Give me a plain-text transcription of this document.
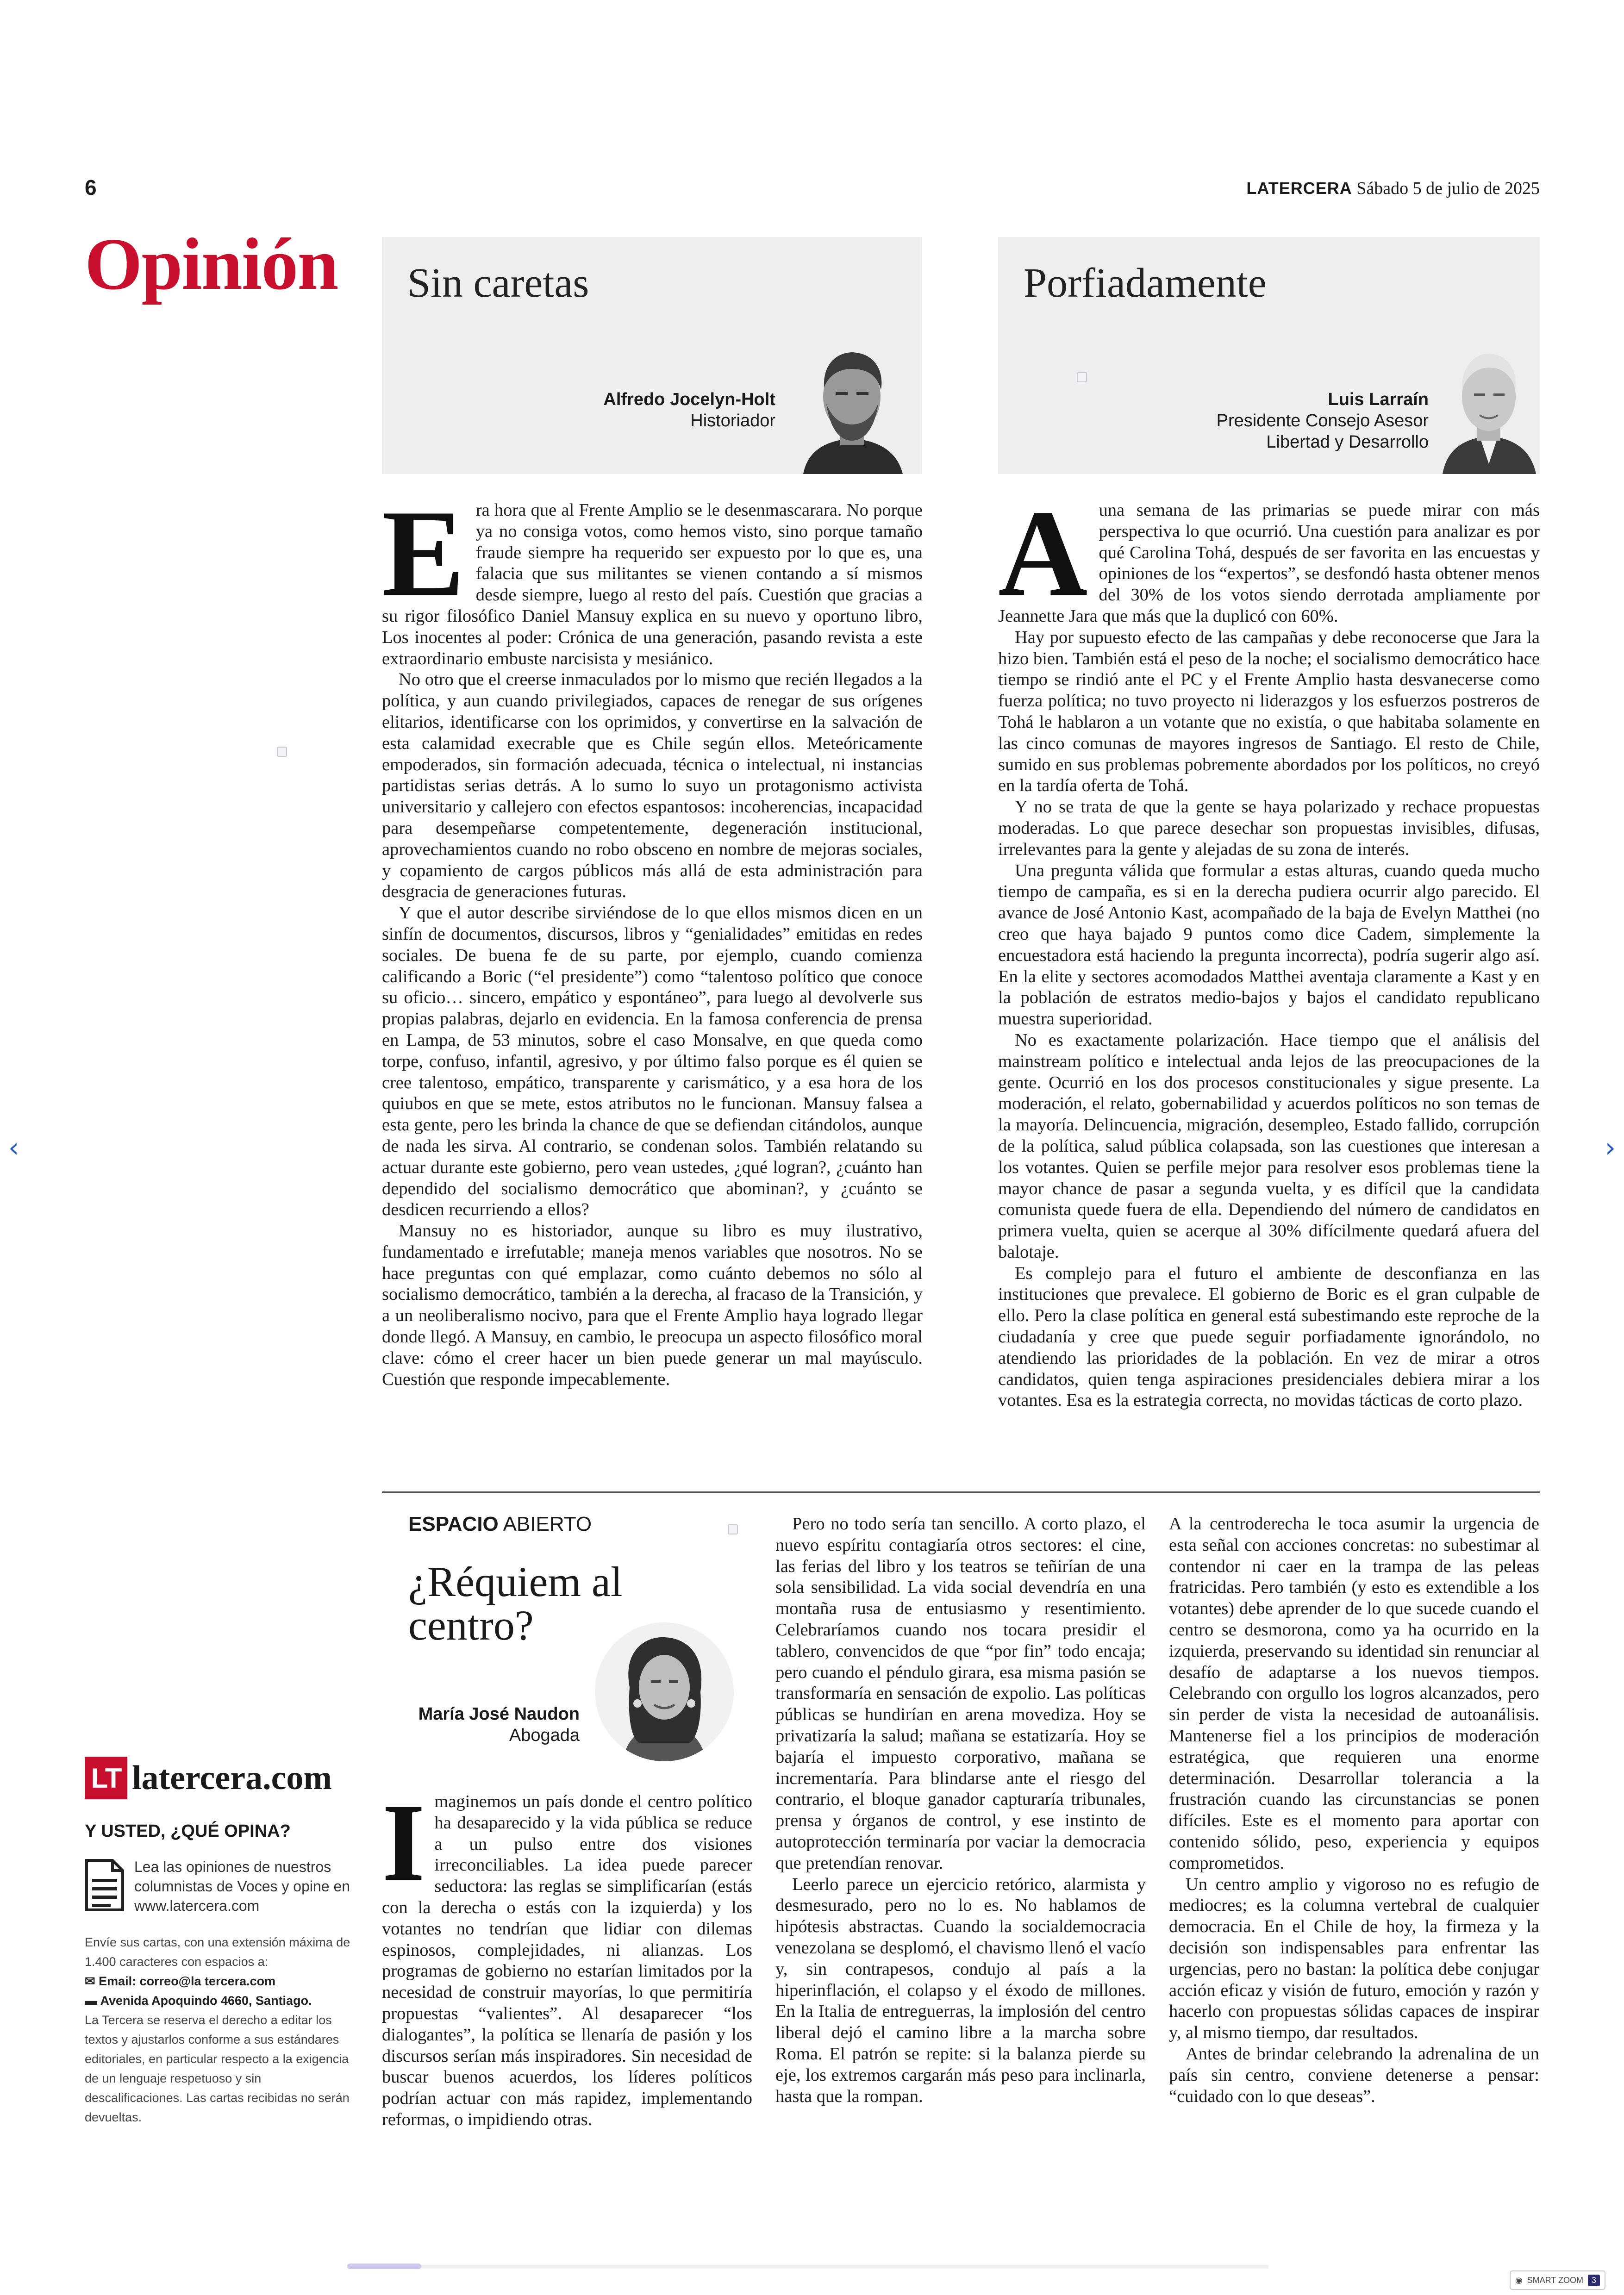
6	LATERCERA Sábado 5 de julio de 2025
Opinión Sin caretas
Alfredo Jocelyn-Holt
Historiador
Porfiadamente
Luis Larraín
Presidente Consejo Asesor
Libertad y Desarrollo
E ra hora que al Frente Amplio se le desenmascarara. No porque ya no consiga votos, como hemos visto, sino porque tamaño fraude siempre ha requerido ser expuesto por lo que es, una falacia que sus militantes se vienen contando a sí mismos desde siempre, luego al resto del país. Cuestión que gracias a su rigor filosófico Daniel Mansuy explica en su nuevo y oportuno libro, Los inocentes al poder: Crónica de una generación, pasando revista a este extraordinario embuste narcisista y mesiánico.

No otro que el creerse inmaculados por lo mismo que recién llegados a la política, y aun cuando privilegiados, capaces de renegar de sus orígenes elitarios, identificarse con los oprimidos, y convertirse en la salvación de esta calamidad execrable que es Chile según ellos. Meteóricamente empoderados, sin formación adecuada, técnica o intelectual, ni instancias partidistas serias detrás. A lo sumo lo suyo un protagonismo activista universitario y callejero con efectos espantosos: incoherencias, incapacidad para desempeñarse competentemente, degeneración institucional, aprovechamientos cuando no robo obsceno en nombre de mejoras sociales, y copamiento de cargos públicos más allá de esta administración para desgracia de generaciones futuras.

Y que el autor describe sirviéndose de lo que ellos mismos dicen en un sinfín de documentos, discursos, libros y “genialidades” emitidas en redes sociales. De buena fe de su parte, por ejemplo, cuando comienza calificando a Boric (“el presidente”) como “talentoso político que conoce su oficio… sincero, empático y espontáneo”, para luego al devolverle sus propias palabras, dejarlo en evidencia. En la famosa conferencia de prensa en Lampa, de 53 minutos, sobre el caso Monsalve, en que queda como torpe, confuso, infantil, agresivo, y por último falso porque es él quien se cree talentoso, empático, transparente y carismático, y a esa hora de los quiubos en que se mete, estos atributos no le funcionan. Mansuy falsea a esta gente, pero les brinda la chance de que se defiendan citándolos, aunque de nada les sirva. Al contrario, se condenan solos. También relatando su actuar durante este gobierno, pero vean ustedes, ¿qué logran?, ¿cuánto han dependido del socialismo democrático que abominan?, y ¿cuánto se desdicen recurriendo a ellos?

Mansuy no es historiador, aunque su libro es muy ilustrativo, fundamentado e irrefutable; maneja menos variables que nosotros. No se hace preguntas con qué emplazar, como cuánto debemos no sólo al socialismo democrático, también a la derecha, al fracaso de la Transición, y a un neoliberalismo nocivo, para que el Frente Amplio haya logrado llegar donde llegó. A Mansuy, en cambio, le preocupa un aspecto filosófico moral clave: cómo el creer hacer un bien puede generar un mal mayúsculo. Cuestión que responde impecablemente.

A una semana de las primarias se puede mirar con más perspectiva lo que ocurrió. Una cuestión para analizar es por qué Carolina Tohá, después de ser favorita en las encuestas y opiniones de los “expertos”, se desfondó hasta obtener menos del 30% de los votos siendo derrotada ampliamente por Jeannette Jara que más que la duplicó con 60%.

Hay por supuesto efecto de las campañas y debe reconocerse que Jara la hizo bien. También está el peso de la noche; el socialismo democrático hace tiempo se rindió ante el PC y el Frente Amplio hasta desvanecerse como fuerza política; no tuvo proyecto ni liderazgos y los esfuerzos postreros de Tohá le hablaron a un votante que no existía, o que habitaba solamente en las cinco comunas de mayores ingresos de Santiago. El resto de Chile, sumido en sus problemas pobremente abordados por los políticos, no creyó en la tardía oferta de Tohá.

Y no se trata de que la gente se haya polarizado y rechace propuestas moderadas. Lo que parece desechar son propuestas invisibles, difusas, irrelevantes para la gente y alejadas de su zona de interés.

Una pregunta válida que formular a estas alturas, cuando queda mucho tiempo de campaña, es si en la derecha pudiera ocurrir algo parecido. El avance de José Antonio Kast, acompañado de la baja de Evelyn Matthei (no creo que haya bajado 9 puntos como dice Cadem, simplemente la encuestadora está haciendo la pregunta incorrecta), podría sugerir algo así. En la elite y sectores acomodados Matthei aventaja claramente a Kast y en la población de estratos medio-bajos y bajos el candidato republicano muestra superioridad.

No es exactamente polarización. Hace tiempo que el análisis del mainstream político e intelectual anda lejos de las preocupaciones de la gente. Ocurrió en los dos procesos constitucionales y sigue presente. La moderación, el relato, gobernabilidad y acuerdos políticos no son temas de la mayoría. Delincuencia, migración, desempleo, Estado fallido, corrupción de la política, salud pública colapsada, son las cuestiones que interesan a los votantes. Quien se perfile mejor para resolver esos problemas tiene la mayor chance de pasar a segunda vuelta, y es difícil que la candidata comunista quede fuera de ella. Dependiendo del número de candidatos en primera vuelta, quien se acerque al 30% difícilmente quedará afuera del balotaje.

Es complejo para el futuro el ambiente de desconfianza en las instituciones que prevalece. El gobierno de Boric es el gran culpable de ello. Pero la clase política en general está subestimando este reproche de la ciudadanía y cree que puede seguir porfiadamente ignorándolo, no atendiendo las prioridades de la población. En vez de mirar a otros candidatos, quien tenga aspiraciones presidenciales debiera mirar a los votantes. Esa es la estrategia correcta, no movidas tácticas de corto plazo.

ESPACIO ABIERTO
¿Réquiem al centro?
María José Naudon
Abogada
I maginemos un país donde el centro político ha desaparecido y la vida pública se reduce a un pulso entre dos visiones irreconciliables. La idea puede parecer seductora: las reglas se simplificarían (estás con la derecha o estás con la izquierda) y los votantes no tendrían que lidiar con dilemas espinosos, complejidades, ni alianzas. Los programas de gobierno no estarían limitados por la necesidad de construir mayorías, lo que permitiría propuestas “valientes”. Al desaparecer “los dialogantes”, la política se llenaría de pasión y los discursos serían más inspiradores. Sin necesidad de buscar buenos acuerdos, los líderes políticos podrían actuar con más rapidez, implementando reformas, o impidiendo otras.

Pero no todo sería tan sencillo. A corto plazo, el nuevo espíritu contagiaría otros sectores: el cine, las ferias del libro y los teatros se teñirían de una sola sensibilidad. La vida social devendría en una montaña rusa de entusiasmo y resentimiento. Celebraríamos cuando nos tocara presidir el tablero, convencidos de que “por fin” todo encaja; pero cuando el péndulo girara, esa misma pasión se transformaría en sensación de expolio. Las políticas públicas se hundirían en arena movediza. Hoy se privatizaría la salud; mañana se estatizaría. Hoy se bajaría el impuesto corporativo, mañana se incrementaría. Para blindarse ante el riesgo del contrario, el bloque ganador capturaría tribunales, prensa y órganos de control, y ese instinto de autoprotección terminaría por vaciar la democracia que pretendían renovar.

Leerlo parece un ejercicio retórico, alarmista y desmesurado, pero no lo es. No hablamos de hipótesis abstractas. Cuando la socialdemocracia venezolana se desplomó, el chavismo llenó el vacío y, sin contrapesos, condujo al país a la hiperinflación, el colapso y el éxodo de millones. En la Italia de entreguerras, la implosión del centro liberal dejó el camino libre a la marcha sobre Roma. El patrón se repite: si la balanza pierde su eje, los extremos cargarán más peso para inclinarla, hasta que la rompan.

A la centroderecha le toca asumir la urgencia de esta señal con acciones concretas: no subestimar al contendor ni caer en la trampa de las peleas fratricidas. Pero también (y esto es extendible a los votantes) debe aprender de lo que sucede cuando el centro se desmorona, como ya ha ocurrido en la izquierda, preservando su identidad sin renunciar al desafío de adaptarse a los nuevos tiempos. Celebrando con orgullo los logros alcanzados, pero sin perder de vista la necesidad de autoanálisis. Mantenerse fiel a los principios de moderación estratégica, que requieren una enorme determinación. Desarrollar tolerancia a la frustración cuando las circunstancias se ponen difíciles. Este es el momento para aportar con contenido sólido, peso, experiencia y equipos comprometidos.

Un centro amplio y vigoroso no es refugio de mediocres; es la columna vertebral de cualquier democracia. En el Chile de hoy, la firmeza y la decisión son indispensables para enfrentar las urgencias, pero no bastan: la política debe conjugar acción eficaz y visión de futuro, emoción y razón y hacerlo con propuestas sólidas capaces de inspirar y, al mismo tiempo, dar resultados.

Antes de brindar celebrando la adrenalina de un país sin centro, conviene detenerse a pensar: “cuidado con lo que deseas”.

LT latercera.com
Y USTED, ¿QUÉ OPINA?
Lea las opiniones de nuestros columnistas de Voces y opine en www.latercera.com
Envíe sus cartas, con una extensión máxima de 1.400 caracteres con espacios a:
✉ Email: correo@la tercera.com
▬ Avenida Apoquindo 4660, Santiago.
La Tercera se reserva el derecho a editar los textos y ajustarlos conforme a sus estándares editoriales, en particular respecto a la exigencia de un lenguaje respetuoso y sin descalificaciones. Las cartas recibidas no serán devueltas.
‹	›
◉ SMART ZOOM	3
